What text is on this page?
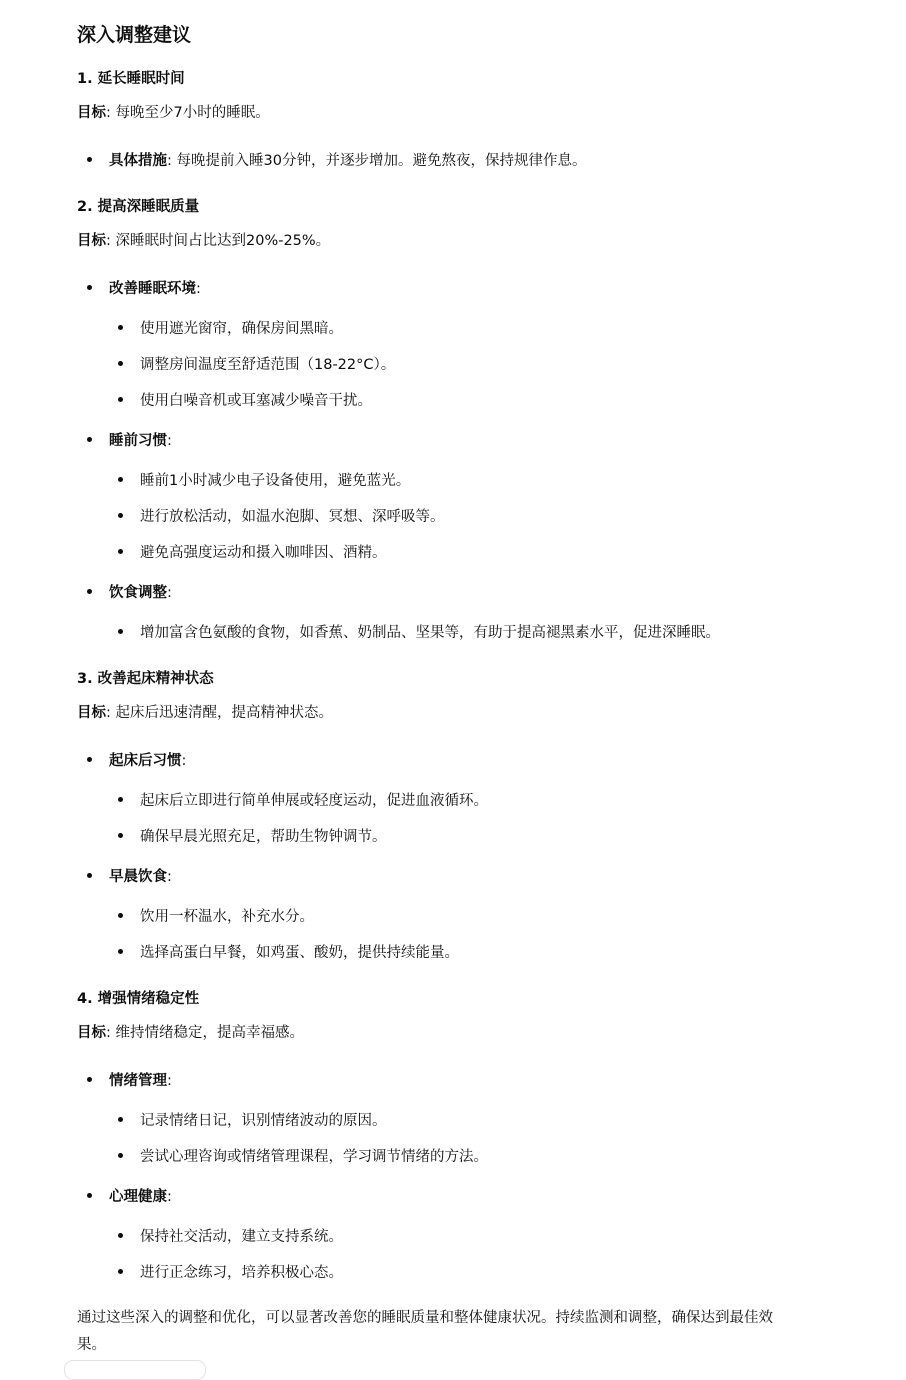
深入调整建议
1. 延长睡眠时间
目标: 每晚至少7小时的睡眠。
具体措施: 每晚提前入睡30分钟，并逐步增加。避免熬夜，保持规律作息。
2. 提高深睡眠质量
目标: 深睡眠时间占比达到20%-25%。
改善睡眠环境:
使用遮光窗帘，确保房间黑暗。
调整房间温度至舒适范围（18-22°C）。
使用白噪音机或耳塞减少噪音干扰。
睡前习惯:
睡前1小时减少电子设备使用，避免蓝光。
进行放松活动，如温水泡脚、冥想、深呼吸等。
避免高强度运动和摄入咖啡因、酒精。
饮食调整:
增加富含色氨酸的食物，如香蕉、奶制品、坚果等，有助于提高褪黑素水平，促进深睡眠。
3. 改善起床精神状态
目标: 起床后迅速清醒，提高精神状态。
起床后习惯:
起床后立即进行简单伸展或轻度运动，促进血液循环。
确保早晨光照充足，帮助生物钟调节。
早晨饮食:
饮用一杯温水，补充水分。
选择高蛋白早餐，如鸡蛋、酸奶，提供持续能量。
4. 增强情绪稳定性
目标: 维持情绪稳定，提高幸福感。
情绪管理:
记录情绪日记，识别情绪波动的原因。
尝试心理咨询或情绪管理课程，学习调节情绪的方法。
心理健康:
保持社交活动，建立支持系统。
进行正念练习，培养积极心态。
通过这些深入的调整和优化，可以显著改善您的睡眠质量和整体健康状况。持续监测和调整，确保达到最佳效果。
